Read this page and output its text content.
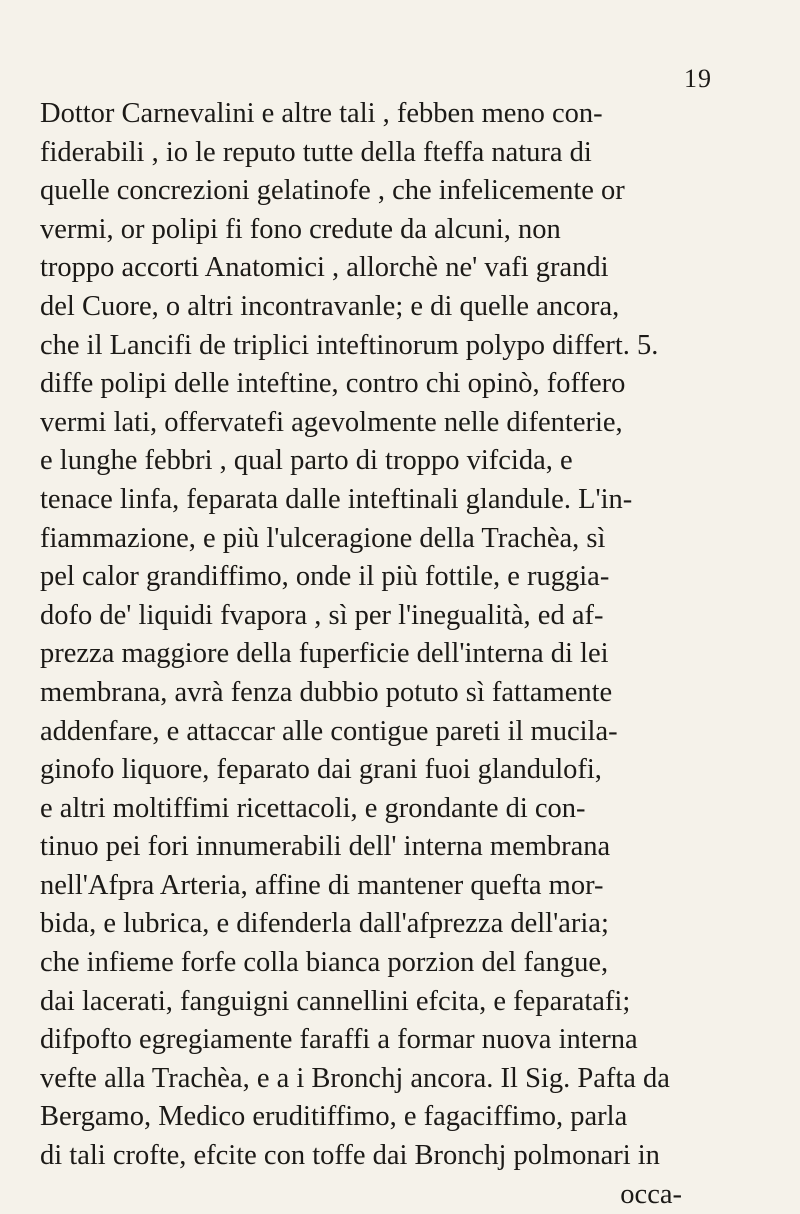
19
Dottor Carnevalini e altre tali , febben meno con-
fiderabili , io le reputo tutte della fteffa natura di
quelle concrezioni gelatinofe , che infelicemente or
vermi, or polipi fi fono credute da alcuni, non
troppo accorti Anatomici , allorchè ne' vafi grandi
del Cuore, o altri incontravanle; e di quelle ancora,
che il Lancifi de triplici inteftinorum polypo differt. 5.
diffe polipi delle inteftine, contro chi opinò, foffero
vermi lati, offervatefi agevolmente nelle difenterie,
e lunghe febbri , qual parto di troppo vifcida, e
tenace linfa, feparata dalle inteftinali glandule. L'in-
fiammazione, e più l'ulceragione della Trachèa, sì
pel calor grandiffimo, onde il più fottile, e ruggia-
dofo de' liquidi fvapora , sì per l'inegualità, ed af-
prezza maggiore della fuperficie dell'interna di lei
membrana, avrà fenza dubbio potuto sì fattamente
addenfare, e attaccar alle contigue pareti il mucila-
ginofo liquore, feparato dai grani fuoi glandulofi,
e altri moltiffimi ricettacoli, e grondante di con-
tinuo pei fori innumerabili dell' interna membrana
nell'Afpra Arteria, affine di mantener quefta mor-
bida, e lubrica, e difenderla dall'afprezza dell'aria;
che infieme forfe colla bianca porzion del fangue,
dai lacerati, fanguigni cannellini efcita, e feparatafi;
difpofto egregiamente faraffi a formar nuova interna
vefte alla Trachèa, e a i Bronchj ancora. Il Sig. Pafta da
Bergamo, Medico eruditiffimo, e fagaciffimo, parla
di tali crofte, efcite con toffe dai Bronchj polmonari in
occa-
